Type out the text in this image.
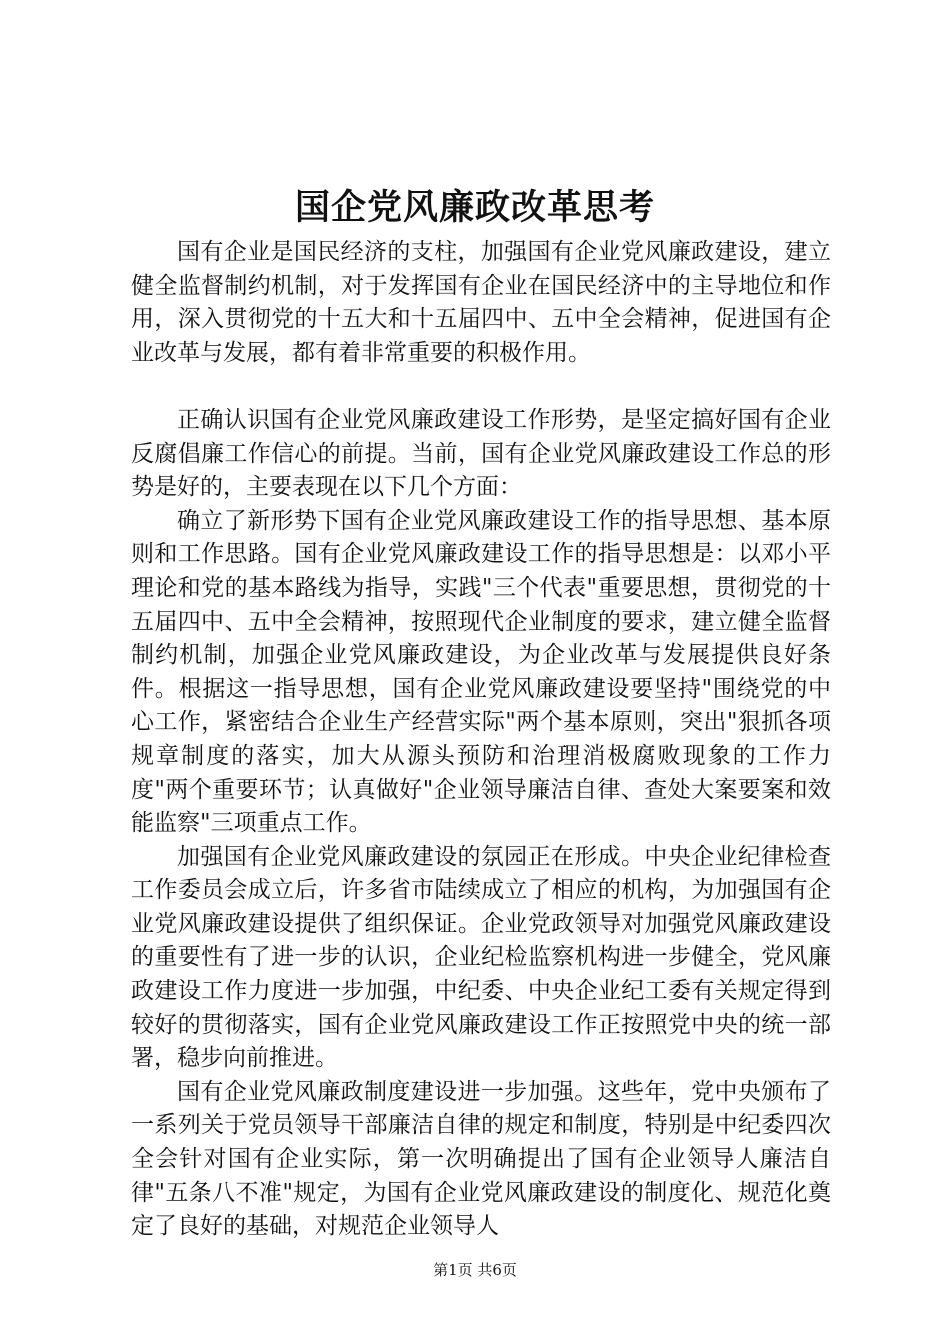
国企党风廉政改革思考

国有企业是国民经济的支柱，加强国有企业党风廉政建设，建立健全监督制约机制，对于发挥国有企业在国民经济中的主导地位和作用，深入贯彻党的十五大和十五届四中、五中全会精神，促进国有企业改革与发展，都有着非常重要的积极作用。

正确认识国有企业党风廉政建设工作形势，是坚定搞好国有企业反腐倡廉工作信心的前提。当前，国有企业党风廉政建设工作总的形势是好的，主要表现在以下几个方面：

确立了新形势下国有企业党风廉政建设工作的指导思想、基本原则和工作思路。国有企业党风廉政建设工作的指导思想是：以邓小平理论和党的基本路线为指导，实践"三个代表"重要思想，贯彻党的十五届四中、五中全会精神，按照现代企业制度的要求，建立健全监督制约机制，加强企业党风廉政建设，为企业改革与发展提供良好条件。根据这一指导思想，国有企业党风廉政建设要坚持"围绕党的中心工作，紧密结合企业生产经营实际"两个基本原则，突出"狠抓各项规章制度的落实，加大从源头预防和治理消极腐败现象的工作力度"两个重要环节；认真做好"企业领导廉洁自律、查处大案要案和效能监察"三项重点工作。

加强国有企业党风廉政建设的氛园正在形成。中央企业纪律检查工作委员会成立后，许多省市陆续成立了相应的机构，为加强国有企业党风廉政建设提供了组织保证。企业党政领导对加强党风廉政建设的重要性有了进一步的认识，企业纪检监察机构进一步健全，党风廉政建设工作力度进一步加强，中纪委、中央企业纪工委有关规定得到较好的贯彻落实，国有企业党风廉政建设工作正按照党中央的统一部署，稳步向前推进。

国有企业党风廉政制度建设进一步加强。这些年，党中央颁布了一系列关于党员领导干部廉洁自律的规定和制度，特别是中纪委四次全会针对国有企业实际，第一次明确提出了国有企业领导人廉洁自律"五条八不准"规定，为国有企业党风廉政建设的制度化、规范化奠定了良好的基础，对规范企业领导人

第1页 共6页
